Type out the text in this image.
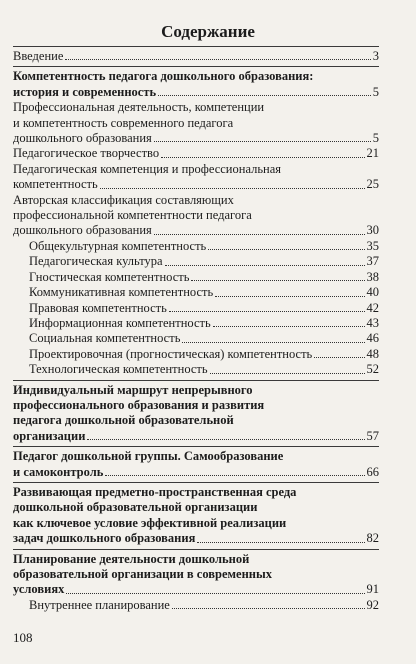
Содержание
Введение	3
Компетентность педагога дошкольного образования:
история и современность	5
Профессиональная деятельность, компетенции
и компетентность современного педагога
дошкольного образования	5
Педагогическое творчество	21
Педагогическая компетенция и профессиональная
компетентность	25
Авторская классификация составляющих
профессиональной компетентности педагога
дошкольного образования	30
Общекультурная компетентность	35
Педагогическая культура	37
Гностическая компетентность	38
Коммуникативная компетентность	40
Правовая компетентность	42
Информационная компетентность	43
Социальная компетентность	46
Проектировочная (прогностическая) компетентность	48
Технологическая компетентность	52
Индивидуальный маршрут непрерывного
профессионального образования и развития
педагога дошкольной образовательной
организации	57
Педагог дошкольной группы. Самообразование
и самоконтроль	66
Развивающая предметно-пространственная среда
дошкольной образовательной организации
как ключевое условие эффективной реализации
задач дошкольного образования	82
Планирование деятельности дошкольной
образовательной организации в современных
условиях	91
Внутреннее планирование	92
108
